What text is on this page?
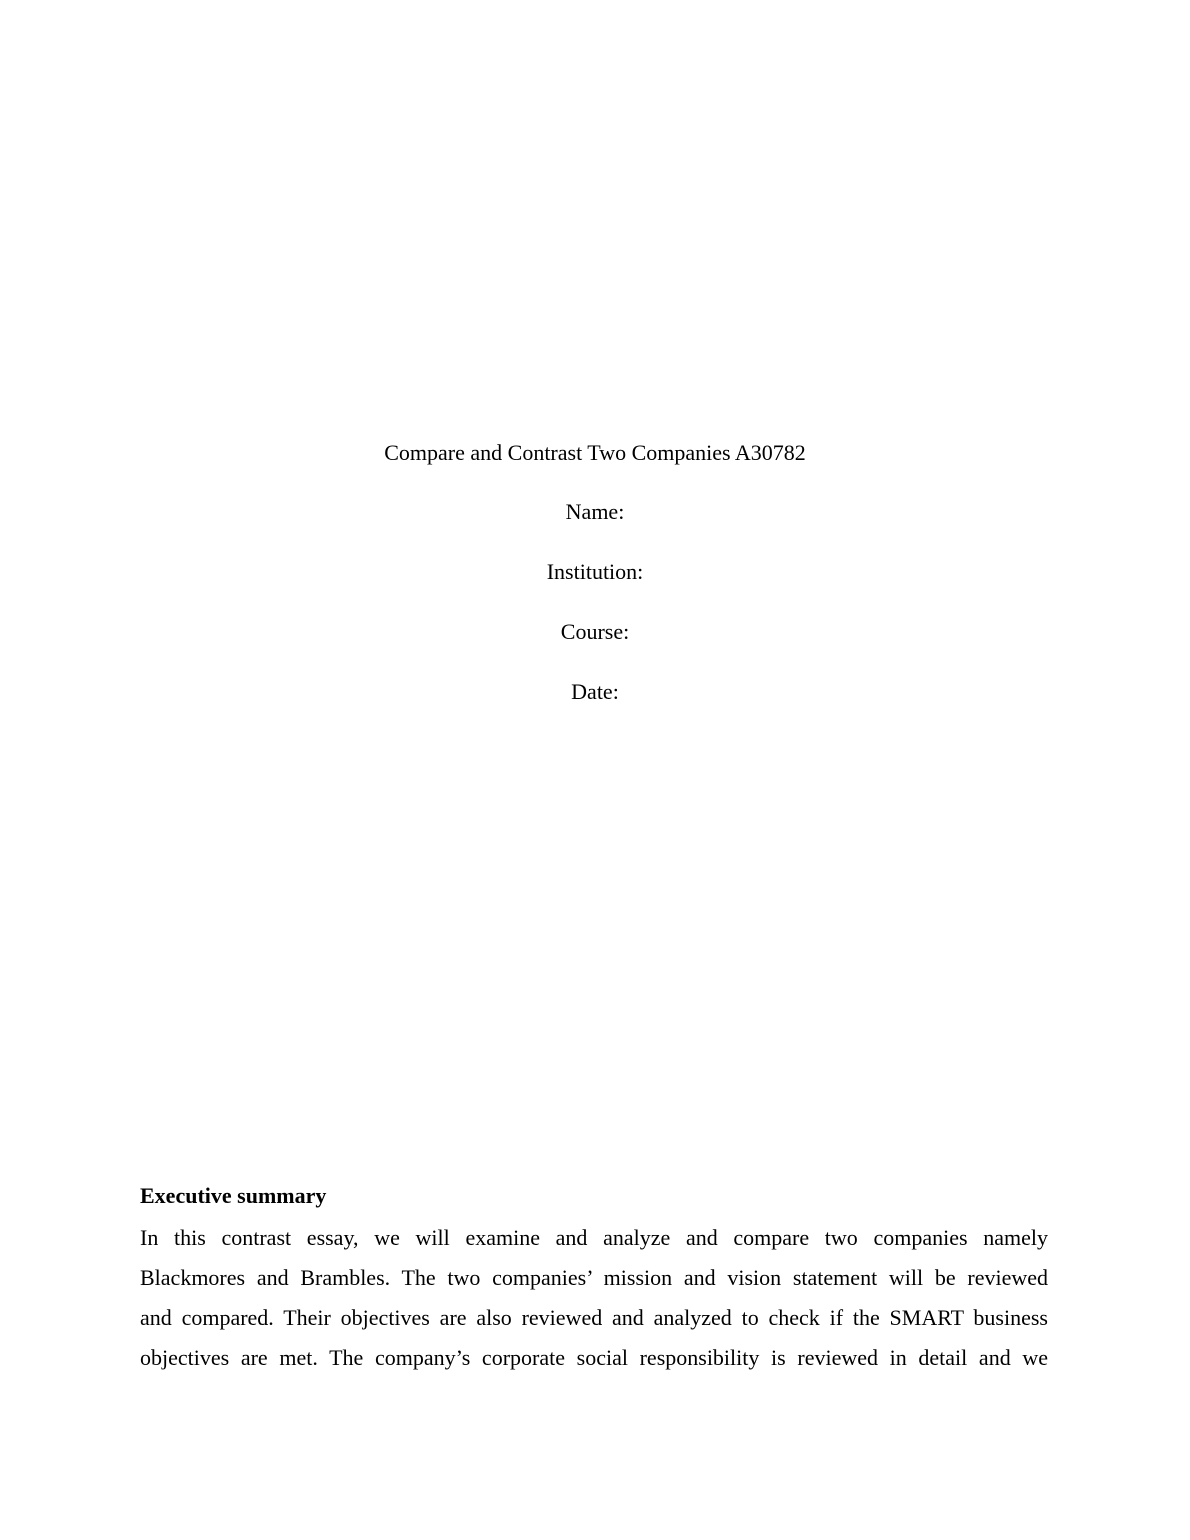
Compare and Contrast Two Companies A30782
Name:
Institution:
Course:
Date:
Executive summary
In this contrast essay, we will examine and analyze and compare two companies namely
Blackmores and Brambles. The two companies’ mission and vision statement will be reviewed
and compared. Their objectives are also reviewed and analyzed to check if the SMART business
objectives are met. The company’s corporate social responsibility is reviewed in detail and we
